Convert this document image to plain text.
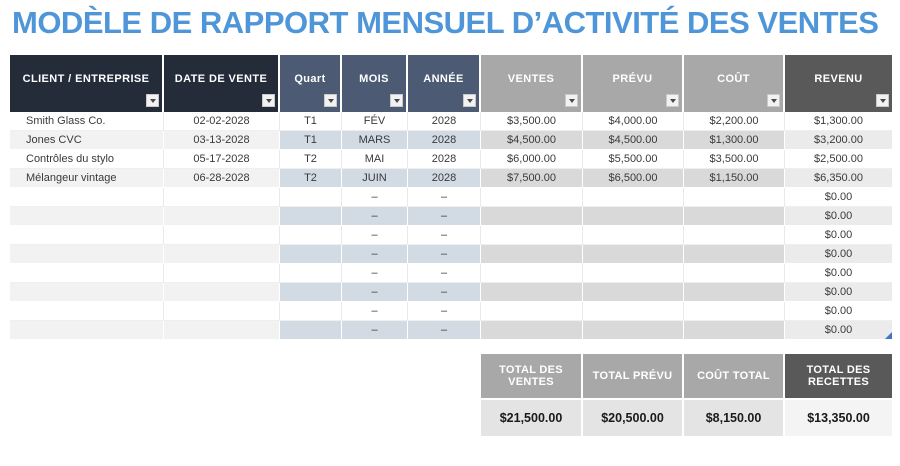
MODÈLE DE RAPPORT MENSUEL D’ACTIVITÉ DES VENTES
CLIENT / ENTREPRISE	DATE DE VENTE	Quart	MOIS	ANNÉE	VENTES	PRÉVU	COÛT	REVENU

Smith Glass Co.	02-02-2028	T1	FÉV	2028	$3,500.00	$4,000.00	$2,200.00	$1,300.00
Jones CVC	03-13-2028	T1	MARS	2028	$4,500.00	$4,500.00	$1,300.00	$3,200.00
Contrôles du stylo	05-17-2028	T2	MAI	2028	$6,000.00	$5,500.00	$3,500.00	$2,500.00
Mélangeur vintage	06-28-2028	T2	JUIN	2028	$7,500.00	$6,500.00	$1,150.00	$6,350.00
			–	–				$0.00
			–	–				$0.00
			–	–				$0.00
			–	–				$0.00
			–	–				$0.00
			–	–				$0.00
			–	–				$0.00
			–	–				$0.00
TOTAL DES VENTES	TOTAL PRÉVU	COÛT TOTAL	TOTAL DES RECETTES
$21,500.00	$20,500.00	$8,150.00	$13,350.00
